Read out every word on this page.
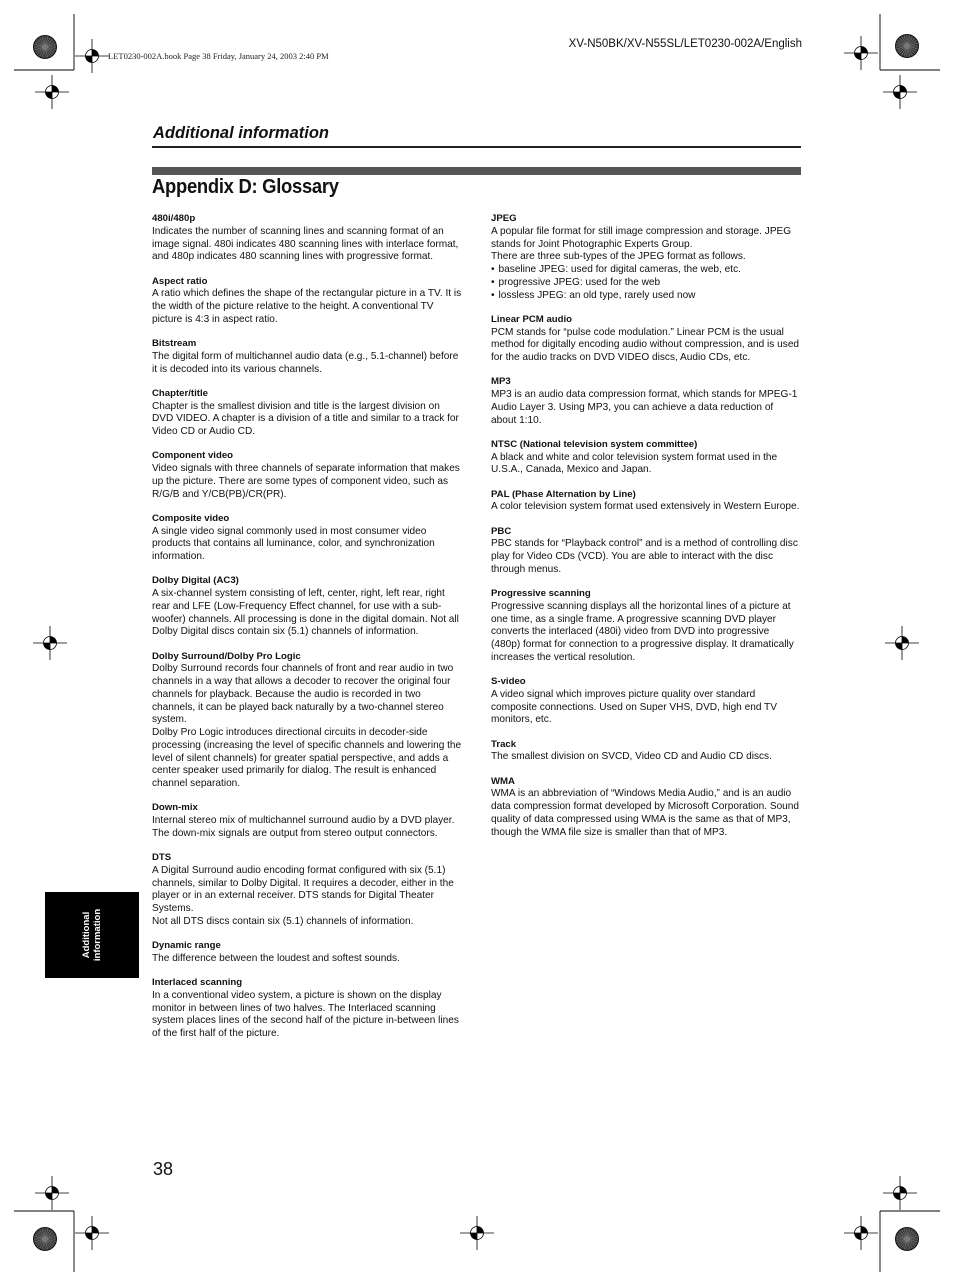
LET0230-002A.book Page 38 Friday, January 24, 2003 2:40 PM
XV-N50BK/XV-N55SL/LET0230-002A/English
Additional information
Appendix D: Glossary
480i/480p

Indicates the number of scanning lines and scanning format of an image signal. 480i indicates 480 scanning lines with interlace format, and 480p indicates 480 scanning lines with progressive format.

Aspect ratio

A ratio which defines the shape of the rectangular picture in a TV. It is the width of the picture relative to the height. A conventional TV picture is 4:3 in aspect ratio.

Bitstream

The digital form of multichannel audio data (e.g., 5.1-channel) before it is decoded into its various channels.

Chapter/title

Chapter is the smallest division and title is the largest division on DVD VIDEO. A chapter is a division of a title and similar to a track for Video CD or Audio CD.

Component video

Video signals with three channels of separate information that makes up the picture. There are some types of component video, such as R/G/B and Y/CB(PB)/CR(PR).

Composite video

A single video signal commonly used in most consumer video products that contains all luminance, color, and synchronization information.

Dolby Digital (AC3)

A six-channel system consisting of left, center, right, left rear, right rear and LFE (Low-Frequency Effect channel, for use with a sub-woofer) channels. All processing is done in the digital domain. Not all Dolby Digital discs contain six (5.1) channels of information.

Dolby Surround/Dolby Pro Logic

Dolby Surround records four channels of front and rear audio in two channels in a way that allows a decoder to recover the original four channels for playback. Because the audio is recorded in two channels, it can be played back naturally by a two-channel stereo system.

Dolby Pro Logic introduces directional circuits in decoder-side processing (increasing the level of specific channels and lowering the level of silent channels) for greater spatial perspective, and adds a center speaker used primarily for dialog. The result is enhanced channel separation.

Down-mix

Internal stereo mix of multichannel surround audio by a DVD player. The down-mix signals are output from stereo output connectors.

DTS

A Digital Surround audio encoding format configured with six (5.1) channels, similar to Dolby Digital. It requires a decoder, either in the player or in an external receiver. DTS stands for Digital Theater Systems.

Not all DTS discs contain six (5.1) channels of information.

Dynamic range

The difference between the loudest and softest sounds.

Interlaced scanning

In a conventional video system, a picture is shown on the display monitor in between lines of two halves. The Interlaced scanning system places lines of the second half of the picture in-between lines of the first half of the picture.

JPEG

A popular file format for still image compression and storage. JPEG stands for Joint Photographic Experts Group.

There are three sub-types of the JPEG format as follows.

• baseline JPEG: used for digital cameras, the web, etc.
• progressive JPEG: used for the web
• lossless JPEG: an old type, rarely used now
Linear PCM audio

PCM stands for “pulse code modulation.” Linear PCM is the usual method for digitally encoding audio without compression, and is used for the audio tracks on DVD VIDEO discs, Audio CDs, etc.

MP3

MP3 is an audio data compression format, which stands for MPEG-1 Audio Layer 3. Using MP3, you can achieve a data reduction of about 1:10.

NTSC (National television system committee)

A black and white and color television system format used in the U.S.A., Canada, Mexico and Japan.

PAL (Phase Alternation by Line)

A color television system format used extensively in Western Europe.

PBC

PBC stands for “Playback control” and is a method of controlling disc play for Video CDs (VCD). You are able to interact with the disc through menus.

Progressive scanning

Progressive scanning displays all the horizontal lines of a picture at one time, as a single frame. A progressive scanning DVD player converts the interlaced (480i) video from DVD into progressive (480p) format for connection to a progressive display. It dramatically increases the vertical resolution.

S-video

A video signal which improves picture quality over standard composite connections. Used on Super VHS, DVD, high end TV monitors, etc.

Track

The smallest division on SVCD, Video CD and Audio CD discs.

WMA

WMA is an abbreviation of “Windows Media Audio,” and is an audio data compression format developed by Microsoft Corporation. Sound quality of data compressed using WMA is the same as that of MP3, though the WMA file size is smaller than that of MP3.

Additional information
38
